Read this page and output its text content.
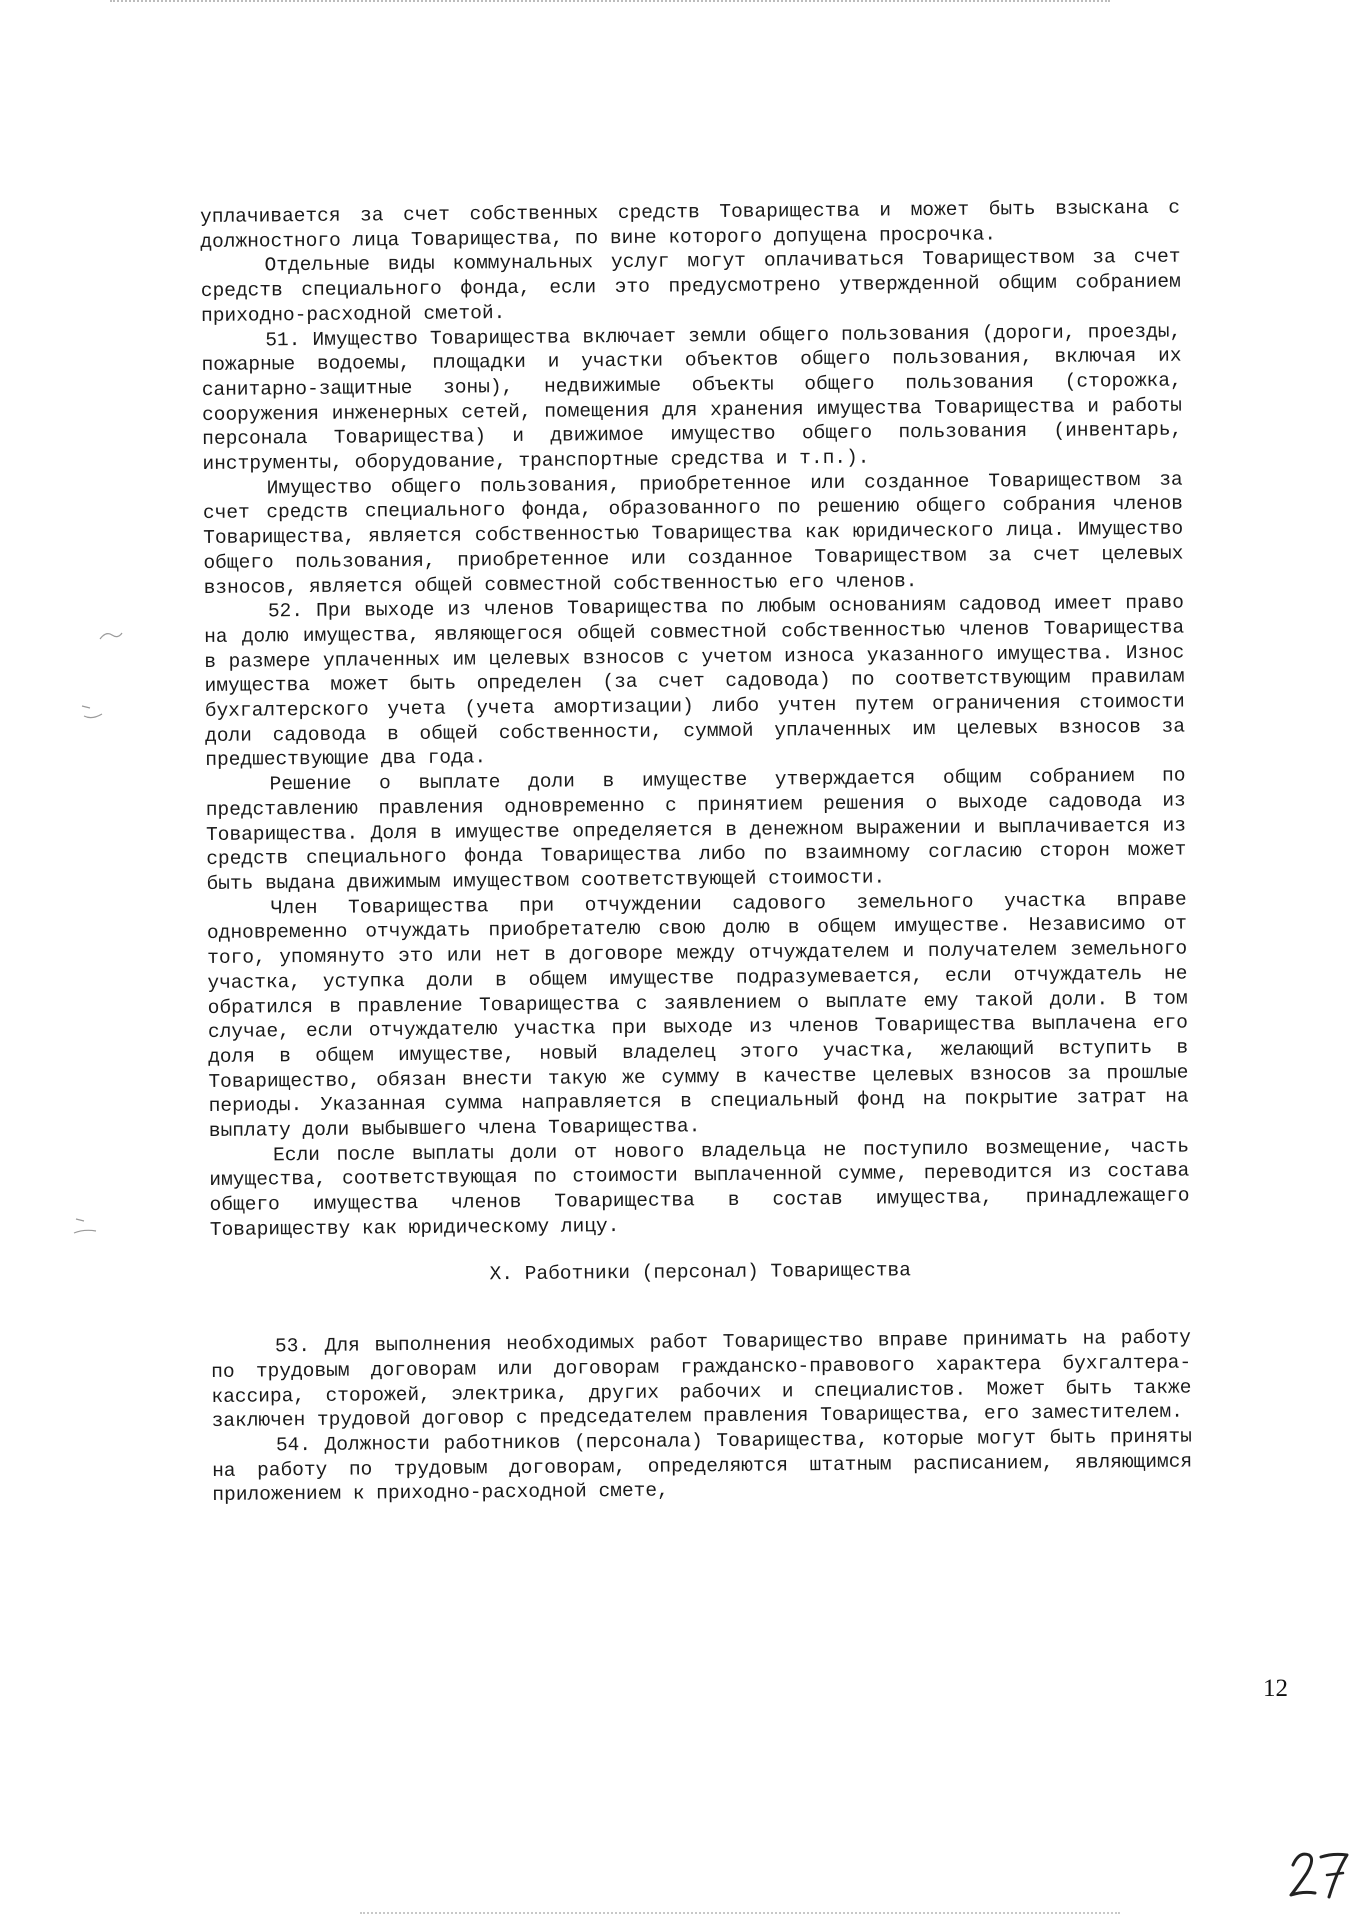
уплачивается за счет собственных средств Товарищества и может быть взыскана с должностного лица Товарищества, по вине которого допущена просрочка.

Отдельные виды коммунальных услуг могут оплачиваться Товариществом за счет средств специального фонда, если это предусмотрено утвержденной общим собранием приходно-расходной сметой.

51. Имущество Товарищества включает земли общего пользования (дороги, проезды, пожарные водоемы, площадки и участки объектов общего пользования, включая их санитарно-защитные зоны), недвижимые объекты общего пользования (сторожка, сооружения инженерных сетей, помещения для хранения имущества Товарищества и работы персонала Товарищества) и движимое имущество общего пользования (инвентарь, инструменты, оборудование, транспортные средства и т.п.).

Имущество общего пользования, приобретенное или созданное Товариществом за счет средств специального фонда, образованного по решению общего собрания членов Товарищества, является собственностью Товарищества как юридического лица. Имущество общего пользования, приобретенное или созданное Товариществом за счет целевых взносов, является общей совместной собственностью его членов.

52. При выходе из членов Товарищества по любым основаниям садовод имеет право на долю имущества, являющегося общей совместной собственностью членов Товарищества в размере уплаченных им целевых взносов с учетом износа указанного имущества. Износ имущества может быть определен (за счет садовода) по соответствующим правилам бухгалтерского учета (учета амортизации) либо учтен путем ограничения стоимости доли садовода в общей собственности, суммой уплаченных им целевых взносов за предшествующие два года.

Решение о выплате доли в имуществе утверждается общим собранием по представлению правления одновременно с принятием решения о выходе садовода из Товарищества. Доля в имуществе определяется в денежном выражении и выплачивается из средств специального фонда Товарищества либо по взаимному согласию сторон может быть выдана движимым имуществом соответствующей стоимости.

Член Товарищества при отчуждении садового земельного участка вправе одновременно отчуждать приобретателю свою долю в общем имуществе. Независимо от того, упомянуто это или нет в договоре между отчуждателем и получателем земельного участка, уступка доли в общем имуществе подразумевается, если отчуждатель не обратился в правление Товарищества с заявлением о выплате ему такой доли. В том случае, если отчуждателю участка при выходе из членов Товарищества выплачена его доля в общем имуществе, новый владелец этого участка, желающий вступить в Товарищество, обязан внести такую же сумму в качестве целевых взносов за прошлые периоды. Указанная сумма направляется в специальный фонд на покрытие затрат на выплату доли выбывшего члена Товарищества.

Если после выплаты доли от нового владельца не поступило возмещение, часть имущества, соответствующая по стоимости выплаченной сумме, переводится из состава общего имущества членов Товарищества в состав имущества, принадлежащего Товариществу как юридическому лицу.

X. Работники (персонал) Товарищества

53. Для выполнения необходимых работ Товарищество вправе принимать на работу по трудовым договорам или договорам гражданско-правового характера бухгалтера-кассира, сторожей, электрика, других рабочих и специалистов. Может быть также заключен трудовой договор с председателем правления Товарищества, его заместителем.

54. Должности работников (персонала) Товарищества, которые могут быть приняты на работу по трудовым договорам, определяются штатным расписанием, являющимся приложением к приходно-расходной смете,

12
